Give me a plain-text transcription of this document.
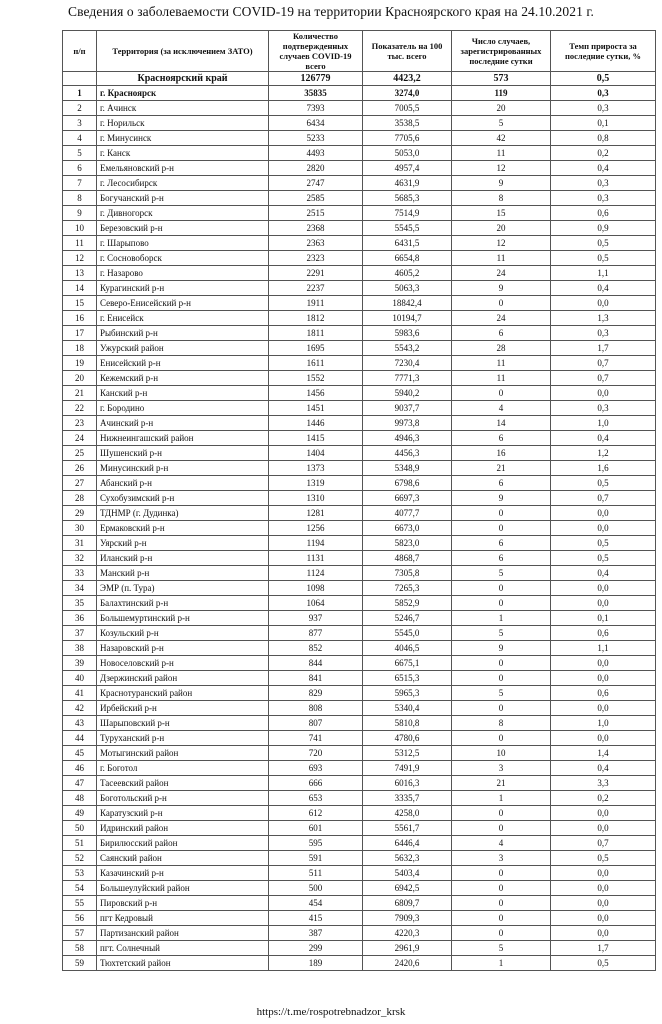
Сведения о заболеваемости COVID-19 на территории Красноярского края на 24.10.2021 г.
п/п	Территория (за исключением ЗАТО)	Количество подтвержденных случаев COVID-19 всего	Показатель на 100 тыс. всего	Число случаев, зарегистрированных последние сутки	Темп прироста за последние сутки, %
	Красноярский край	126779	4423,2	573	0,5
1	г. Красноярск	35835	3274,0	119	0,3
2	г. Ачинск	7393	7005,5	20	0,3
3	г. Норильск	6434	3538,5	5	0,1
4	г. Минусинск	5233	7705,6	42	0,8
5	г. Канск	4493	5053,0	11	0,2
6	Емельяновский р-н	2820	4957,4	12	0,4
7	г. Лесосибирск	2747	4631,9	9	0,3
8	Богучанский р-н	2585	5685,3	8	0,3
9	г. Дивногорск	2515	7514,9	15	0,6
10	Березовский р-н	2368	5545,5	20	0,9
11	г. Шарыпово	2363	6431,5	12	0,5
12	г. Сосновоборск	2323	6654,8	11	0,5
13	г. Назарово	2291	4605,2	24	1,1
14	Курагинский р-н	2237	5063,3	9	0,4
15	Северо-Енисейский р-н	1911	18842,4	0	0,0
16	г. Енисейск	1812	10194,7	24	1,3
17	Рыбинский р-н	1811	5983,6	6	0,3
18	Ужурский район	1695	5543,2	28	1,7
19	Енисейский р-н	1611	7230,4	11	0,7
20	Кежемский р-н	1552	7771,3	11	0,7
21	Канский р-н	1456	5940,2	0	0,0
22	г. Бородино	1451	9037,7	4	0,3
23	Ачинский р-н	1446	9973,8	14	1,0
24	Нижнеингашский район	1415	4946,3	6	0,4
25	Шушенский р-н	1404	4456,3	16	1,2
26	Минусинский р-н	1373	5348,9	21	1,6
27	Абанский р-н	1319	6798,6	6	0,5
28	Сухобузимский р-н	1310	6697,3	9	0,7
29	ТДНМР (г. Дудинка)	1281	4077,7	0	0,0
30	Ермаковский р-н	1256	6673,0	0	0,0
31	Уярский р-н	1194	5823,0	6	0,5
32	Иланский р-н	1131	4868,7	6	0,5
33	Манский р-н	1124	7305,8	5	0,4
34	ЭМР (п. Тура)	1098	7265,3	0	0,0
35	Балахтинский р-н	1064	5852,9	0	0,0
36	Большемуртинский р-н	937	5246,7	1	0,1
37	Козульский р-н	877	5545,0	5	0,6
38	Назаровский р-н	852	4046,5	9	1,1
39	Новоселовский р-н	844	6675,1	0	0,0
40	Дзержинский район	841	6515,3	0	0,0
41	Краснотуранский район	829	5965,3	5	0,6
42	Ирбейский р-н	808	5340,4	0	0,0
43	Шарыповский р-н	807	5810,8	8	1,0
44	Туруханский р-н	741	4780,6	0	0,0
45	Мотыгинский район	720	5312,5	10	1,4
46	г. Боготол	693	7491,9	3	0,4
47	Тасеевский район	666	6016,3	21	3,3
48	Боготольский р-н	653	3335,7	1	0,2
49	Каратузский р-н	612	4258,0	0	0,0
50	Идринский район	601	5561,7	0	0,0
51	Бирилюсский район	595	6446,4	4	0,7
52	Саянский район	591	5632,3	3	0,5
53	Казачинский р-н	511	5403,4	0	0,0
54	Большеулуйский район	500	6942,5	0	0,0
55	Пировский р-н	454	6809,7	0	0,0
56	пгт Кедровый	415	7909,3	0	0,0
57	Партизанский район	387	4220,3	0	0,0
58	пгт. Солнечный	299	2961,9	5	1,7
59	Тюхтетский район	189	2420,6	1	0,5
https://t.me/rospotrebnadzor_krsk
